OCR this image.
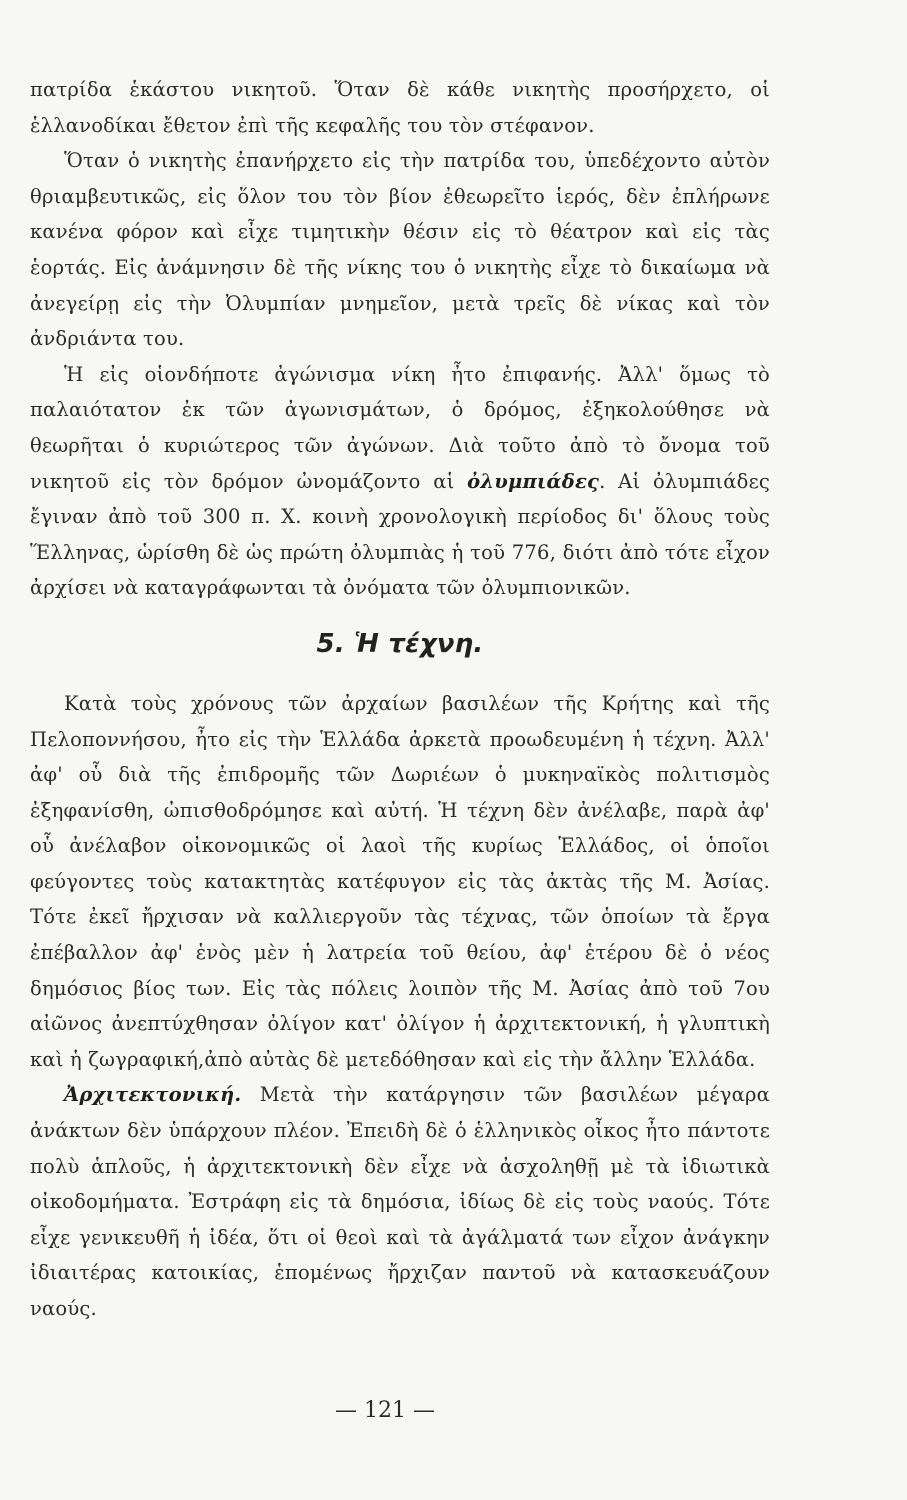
πατρίδα ἑκάστου νικητοῦ. Ὅταν δὲ κάθε νικητὴς προσήρχετο, οἱ ἑλλανοδίκαι ἔθετον ἐπὶ τῆς κεφαλῆς του τὸν στέφανον.

Ὅταν ὁ νικητὴς ἐπανήρχετο εἰς τὴν πατρίδα του, ὑπεδέχοντο αὐτὸν θριαμβευτικῶς, εἰς ὅλον του τὸν βίον ἐθεωρεῖτο ἱερός, δὲν ἐπλήρωνε κανένα φόρον καὶ εἶχε τιμητικὴν θέσιν εἰς τὸ θέατρον καὶ εἰς τὰς ἑορτάς. Εἰς ἀνάμνησιν δὲ τῆς νίκης του ὁ νικητὴς εἶχε τὸ δικαίωμα νὰ ἀνεγείρῃ εἰς τὴν Ὀλυμπίαν μνημεῖον, μετὰ τρεῖς δὲ νίκας καὶ τὸν ἀνδριάντα του.

Ἡ εἰς οἱονδήποτε ἀγώνισμα νίκη ἦτο ἐπιφανής. Ἀλλ' ὅμως τὸ παλαιότατον ἐκ τῶν ἀγωνισμάτων, ὁ δρόμος, ἐξηκολούθησε νὰ θεωρῆται ὁ κυριώτερος τῶν ἀγώνων. Διὰ τοῦτο ἀπὸ τὸ ὄνομα τοῦ νικητοῦ εἰς τὸν δρόμον ὠνομάζοντο αἱ ὀλυμπιάδες. Αἱ ὀλυμπιάδες ἔγιναν ἀπὸ τοῦ 300 π. Χ. κοινὴ χρονολογικὴ περίοδος δι' ὅλους τοὺς Ἕλληνας, ὡρίσθη δὲ ὡς πρώτη ὀλυμπιὰς ἡ τοῦ 776, διότι ἀπὸ τότε εἶχον ἀρχίσει νὰ καταγράφωνται τὰ ὀνόματα τῶν ὀλυμπιονικῶν.

5. Ἡ τέχνη.

Κατὰ τοὺς χρόνους τῶν ἀρχαίων βασιλέων τῆς Κρήτης καὶ τῆς Πελοποννήσου, ἦτο εἰς τὴν Ἑλλάδα ἀρκετὰ προωδευμένη ἡ τέχνη. Ἀλλ' ἀφ' οὗ διὰ τῆς ἐπιδρομῆς τῶν Δωριέων ὁ μυκηναϊκὸς πολιτισμὸς ἐξηφανίσθη, ὠπισθοδρόμησε καὶ αὐτή. Ἡ τέχνη δὲν ἀνέλαβε, παρὰ ἀφ' οὗ ἀνέλαβον οἰκονομικῶς οἱ λαοὶ τῆς κυρίως Ἑλλάδος, οἱ ὁποῖοι φεύγοντες τοὺς κατακτητὰς κατέφυγον εἰς τὰς ἀκτὰς τῆς Μ. Ἀσίας. Τότε ἐκεῖ ἤρχισαν νὰ καλλιεργοῦν τὰς τέχνας, τῶν ὁποίων τὰ ἔργα ἐπέβαλλον ἀφ' ἑνὸς μὲν ἡ λατρεία τοῦ θείου, ἀφ' ἑτέρου δὲ ὁ νέος δημόσιος βίος των. Εἰς τὰς πόλεις λοιπὸν τῆς Μ. Ἀσίας ἀπὸ τοῦ 7ου αἰῶνος ἀνεπτύχθησαν ὀλίγον κατ' ὀλίγον ἡ ἀρχιτεκτονική, ἡ γλυπτικὴ καὶ ἡ ζωγραφική,ἀπὸ αὐτὰς δὲ μετεδόθησαν καὶ εἰς τὴν ἄλλην Ἑλλάδα.

Ἀρχιτεκτονική. Μετὰ τὴν κατάργησιν τῶν βασιλέων μέγαρα ἀνάκτων δὲν ὑπάρχουν πλέον. Ἐπειδὴ δὲ ὁ ἑλληνικὸς οἶκος ἦτο πάντοτε πολὺ ἁπλοῦς, ἡ ἀρχιτεκτονικὴ δὲν εἶχε νὰ ἀσχοληθῇ μὲ τὰ ἰδιωτικὰ οἰκοδομήματα. Ἐστράφη εἰς τὰ δημόσια, ἰδίως δὲ εἰς τοὺς ναούς. Τότε εἶχε γενικευθῆ ἡ ἰδέα, ὅτι οἱ θεοὶ καὶ τὰ ἀγάλματά των εἶχον ἀνάγκην ἰδιαιτέρας κατοικίας, ἑπομένως ἤρχιζαν παντοῦ νὰ κατασκευάζουν ναούς.

— 121 —
